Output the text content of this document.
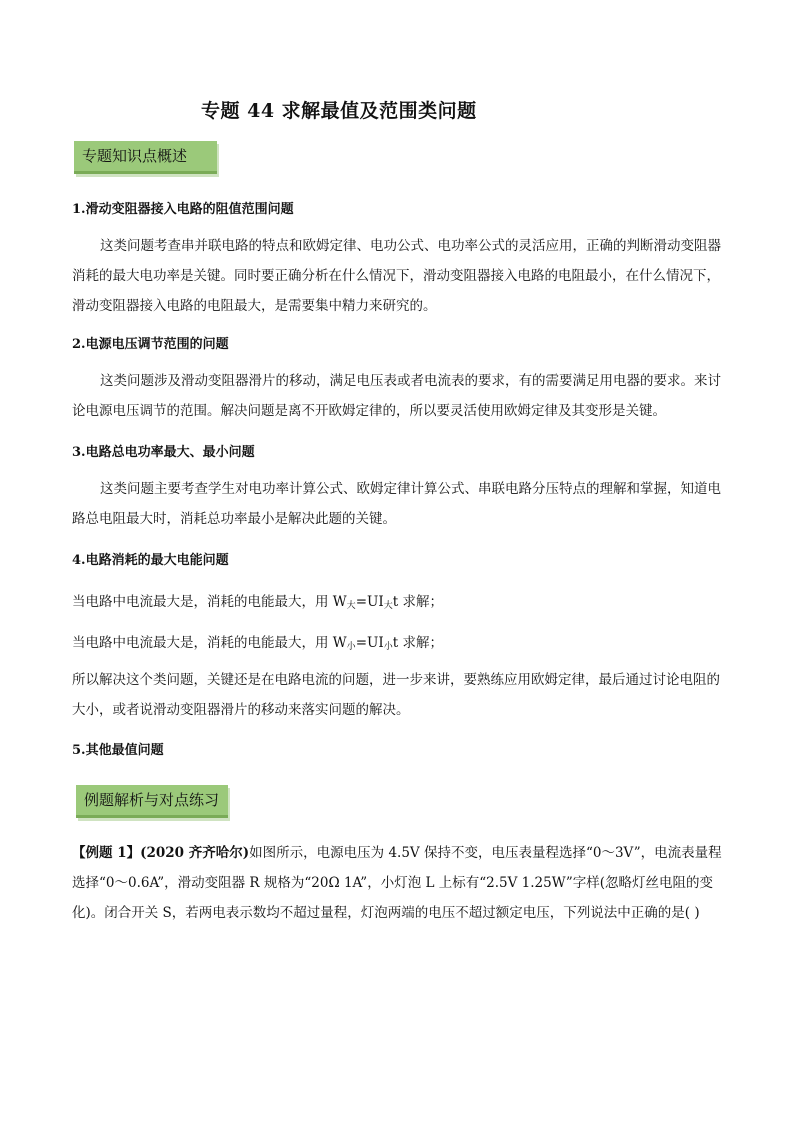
专题 44 求解最值及范围类问题
专题知识点概述
1.滑动变阻器接入电路的阻值范围问题
这类问题考查串并联电路的特点和欧姆定律、电功公式、电功率公式的灵活应用，正确的判断滑动变阻器消耗的最大电功率是关键。同时要正确分析在什么情况下，滑动变阻器接入电路的电阻最小，在什么情况下，滑动变阻器接入电路的电阻最大，是需要集中精力来研究的。
2.电源电压调节范围的问题
这类问题涉及滑动变阻器滑片的移动，满足电压表或者电流表的要求，有的需要满足用电器的要求。来讨论电源电压调节的范围。解决问题是离不开欧姆定律的，所以要灵活使用欧姆定律及其变形是关键。
3.电路总电功率最大、最小问题
这类问题主要考查学生对电功率计算公式、欧姆定律计算公式、串联电路分压特点的理解和掌握，知道电路总电阻最大时，消耗总功率最小是解决此题的关键。
4.电路消耗的最大电能问题
当电路中电流最大是，消耗的电能最大，用 $W_大=UI_大t$ 求解；
当电路中电流最大是，消耗的电能最大，用 $W_小=UI_小t$ 求解；
所以解决这个类问题，关键还是在电路电流的问题，进一步来讲，要熟练应用欧姆定律，最后通过讨论电阻的大小，或者说滑动变阻器滑片的移动来落实问题的解决。
5.其他最值问题
例题解析与对点练习
【例题 1】(2020 齐齐哈尔)如图所示，电源电压为 4.5V 保持不变，电压表量程选择“0～3V”，电流表量程选择“0～0.6A”，滑动变阻器 R 规格为“20Ω 1A”，小灯泡 L 上标有“2.5V 1.25W”字样(忽略灯丝电阻的变化)。闭合开关 S，若两电表示数均不超过量程，灯泡两端的电压不超过额定电压，下列说法中正确的是( )
